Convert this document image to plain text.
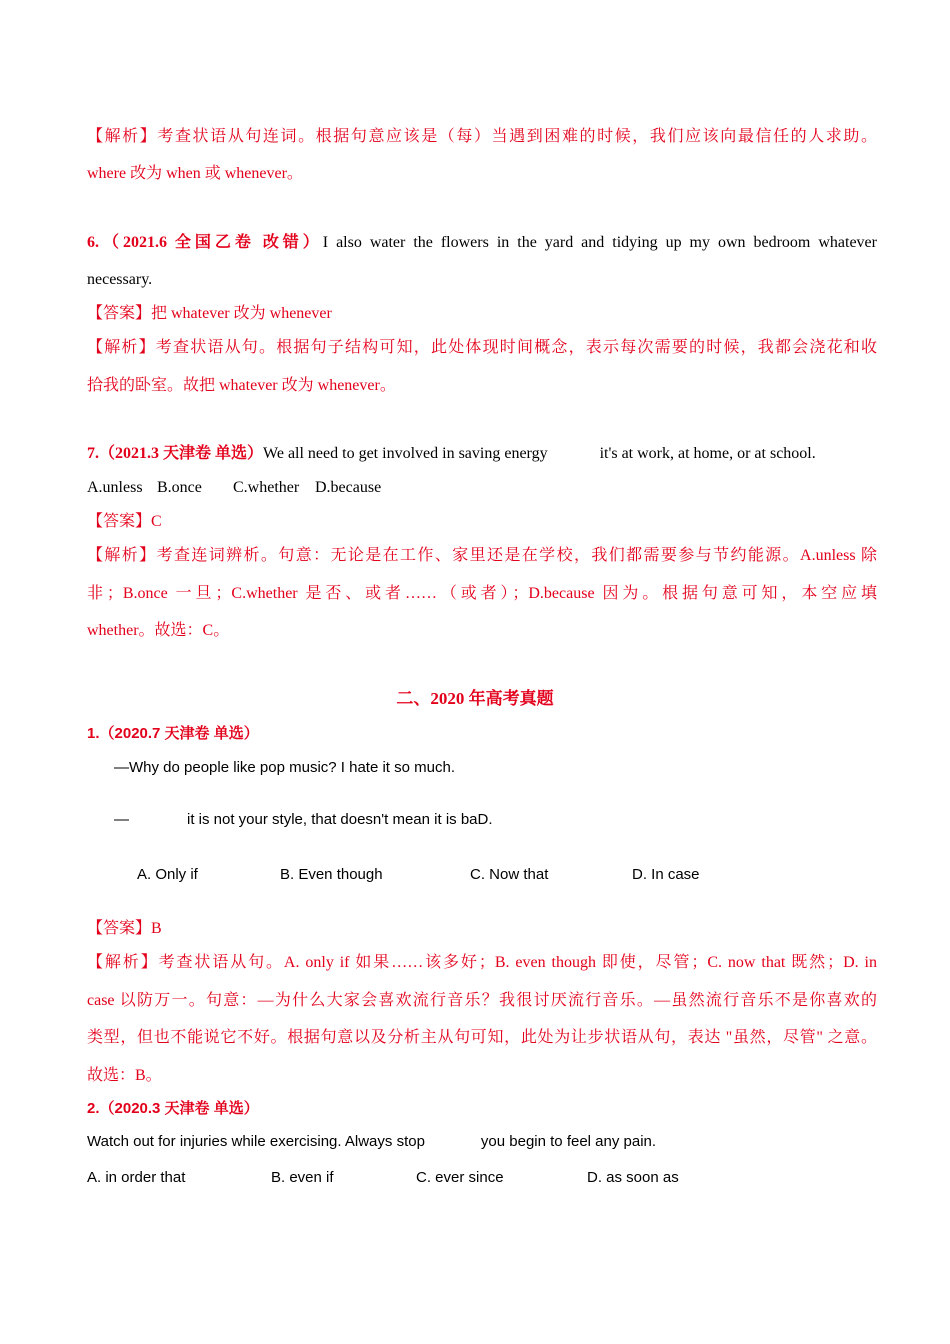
【解析】考查状语从句连词。根据句意应该是（每）当遇到困难的时候，我们应该向最信任的人求助。
where 改为 when 或 whenever。
6.（2021.6 全国乙卷 改错）I also water the flowers in the yard and tidying up my own bedroom whatever
necessary.
【答案】把 whatever 改为 whenever
【解析】考查状语从句。根据句子结构可知，此处体现时间概念，表示每次需要的时候，我都会浇花和收
拾我的卧室。故把 whatever 改为 whenever。
7.（2021.3 天津卷 单选）We all need to get involved in saving energy	it's at work, at home, or at school.
A.unless B.once C.whether D.because
【答案】C
【解析】考查连词辨析。句意：无论是在工作、家里还是在学校，我们都需要参与节约能源。A.unless 除
非；B.once 一旦；C.whether 是否、或者……（或者）；D.because 因为。根据句意可知，本空应填
whether。故选：C。
二、2020 年高考真题
1.（2020.7 天津卷 单选）
—Why do people like pop music? I hate it so much.
—	it is not your style, that doesn't mean it is baD.
A. Only if	B. Even though	C. Now that	D. In case
【答案】B
【解析】考查状语从句。A. only if 如果……该多好；B. even though 即使，尽管；C. now that 既然；D. in
case 以防万一。句意：—为什么大家会喜欢流行音乐？我很讨厌流行音乐。—虽然流行音乐不是你喜欢的
类型，但也不能说它不好。根据句意以及分析主从句可知，此处为让步状语从句，表达 "虽然，尽管" 之意。
故选：B。
2.（2020.3 天津卷 单选）
Watch out for injuries while exercising. Always stop	you begin to feel any pain.
A. in order that	B. even if	C. ever since	D. as soon as
